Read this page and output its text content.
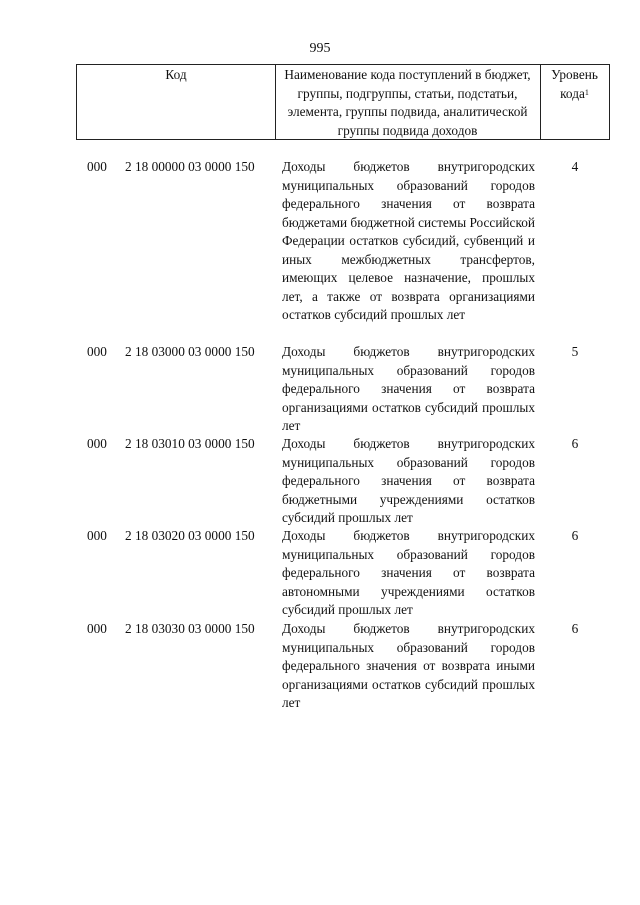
995
Код	Наименование кода поступлений в бюджет, группы, подгруппы, статьи, подстатьи, элемента, группы подвида, аналитической группы подвида доходов
Уровень кода$^1$
000 2 18 00000 03 0000 150 Доходы бюджетов внутригородских муниципальных образований городов федерального значения от возврата бюджетами бюджетной системы Российской Федерации остатков субсидий, субвенций и иных межбюджетных трансфертов, имеющих целевое назначение, прошлых лет, а также от возврата организациями остатков субсидий прошлых лет
4
000 2 18 03000 03 0000 150 Доходы бюджетов внутригородских муниципальных образований городов федерального значения от возврата организациями остатков субсидий прошлых лет
5
000 2 18 03010 03 0000 150 Доходы бюджетов внутригородских муниципальных образований городов федерального значения от возврата бюджетными учреждениями остатков субсидий прошлых лет
6
000 2 18 03020 03 0000 150 Доходы бюджетов внутригородских муниципальных образований городов федерального значения от возврата автономными учреждениями остатков субсидий прошлых лет
6
000 2 18 03030 03 0000 150 Доходы бюджетов внутригородских муниципальных образований городов федерального значения от возврата иными организациями остатков субсидий прошлых лет
6
